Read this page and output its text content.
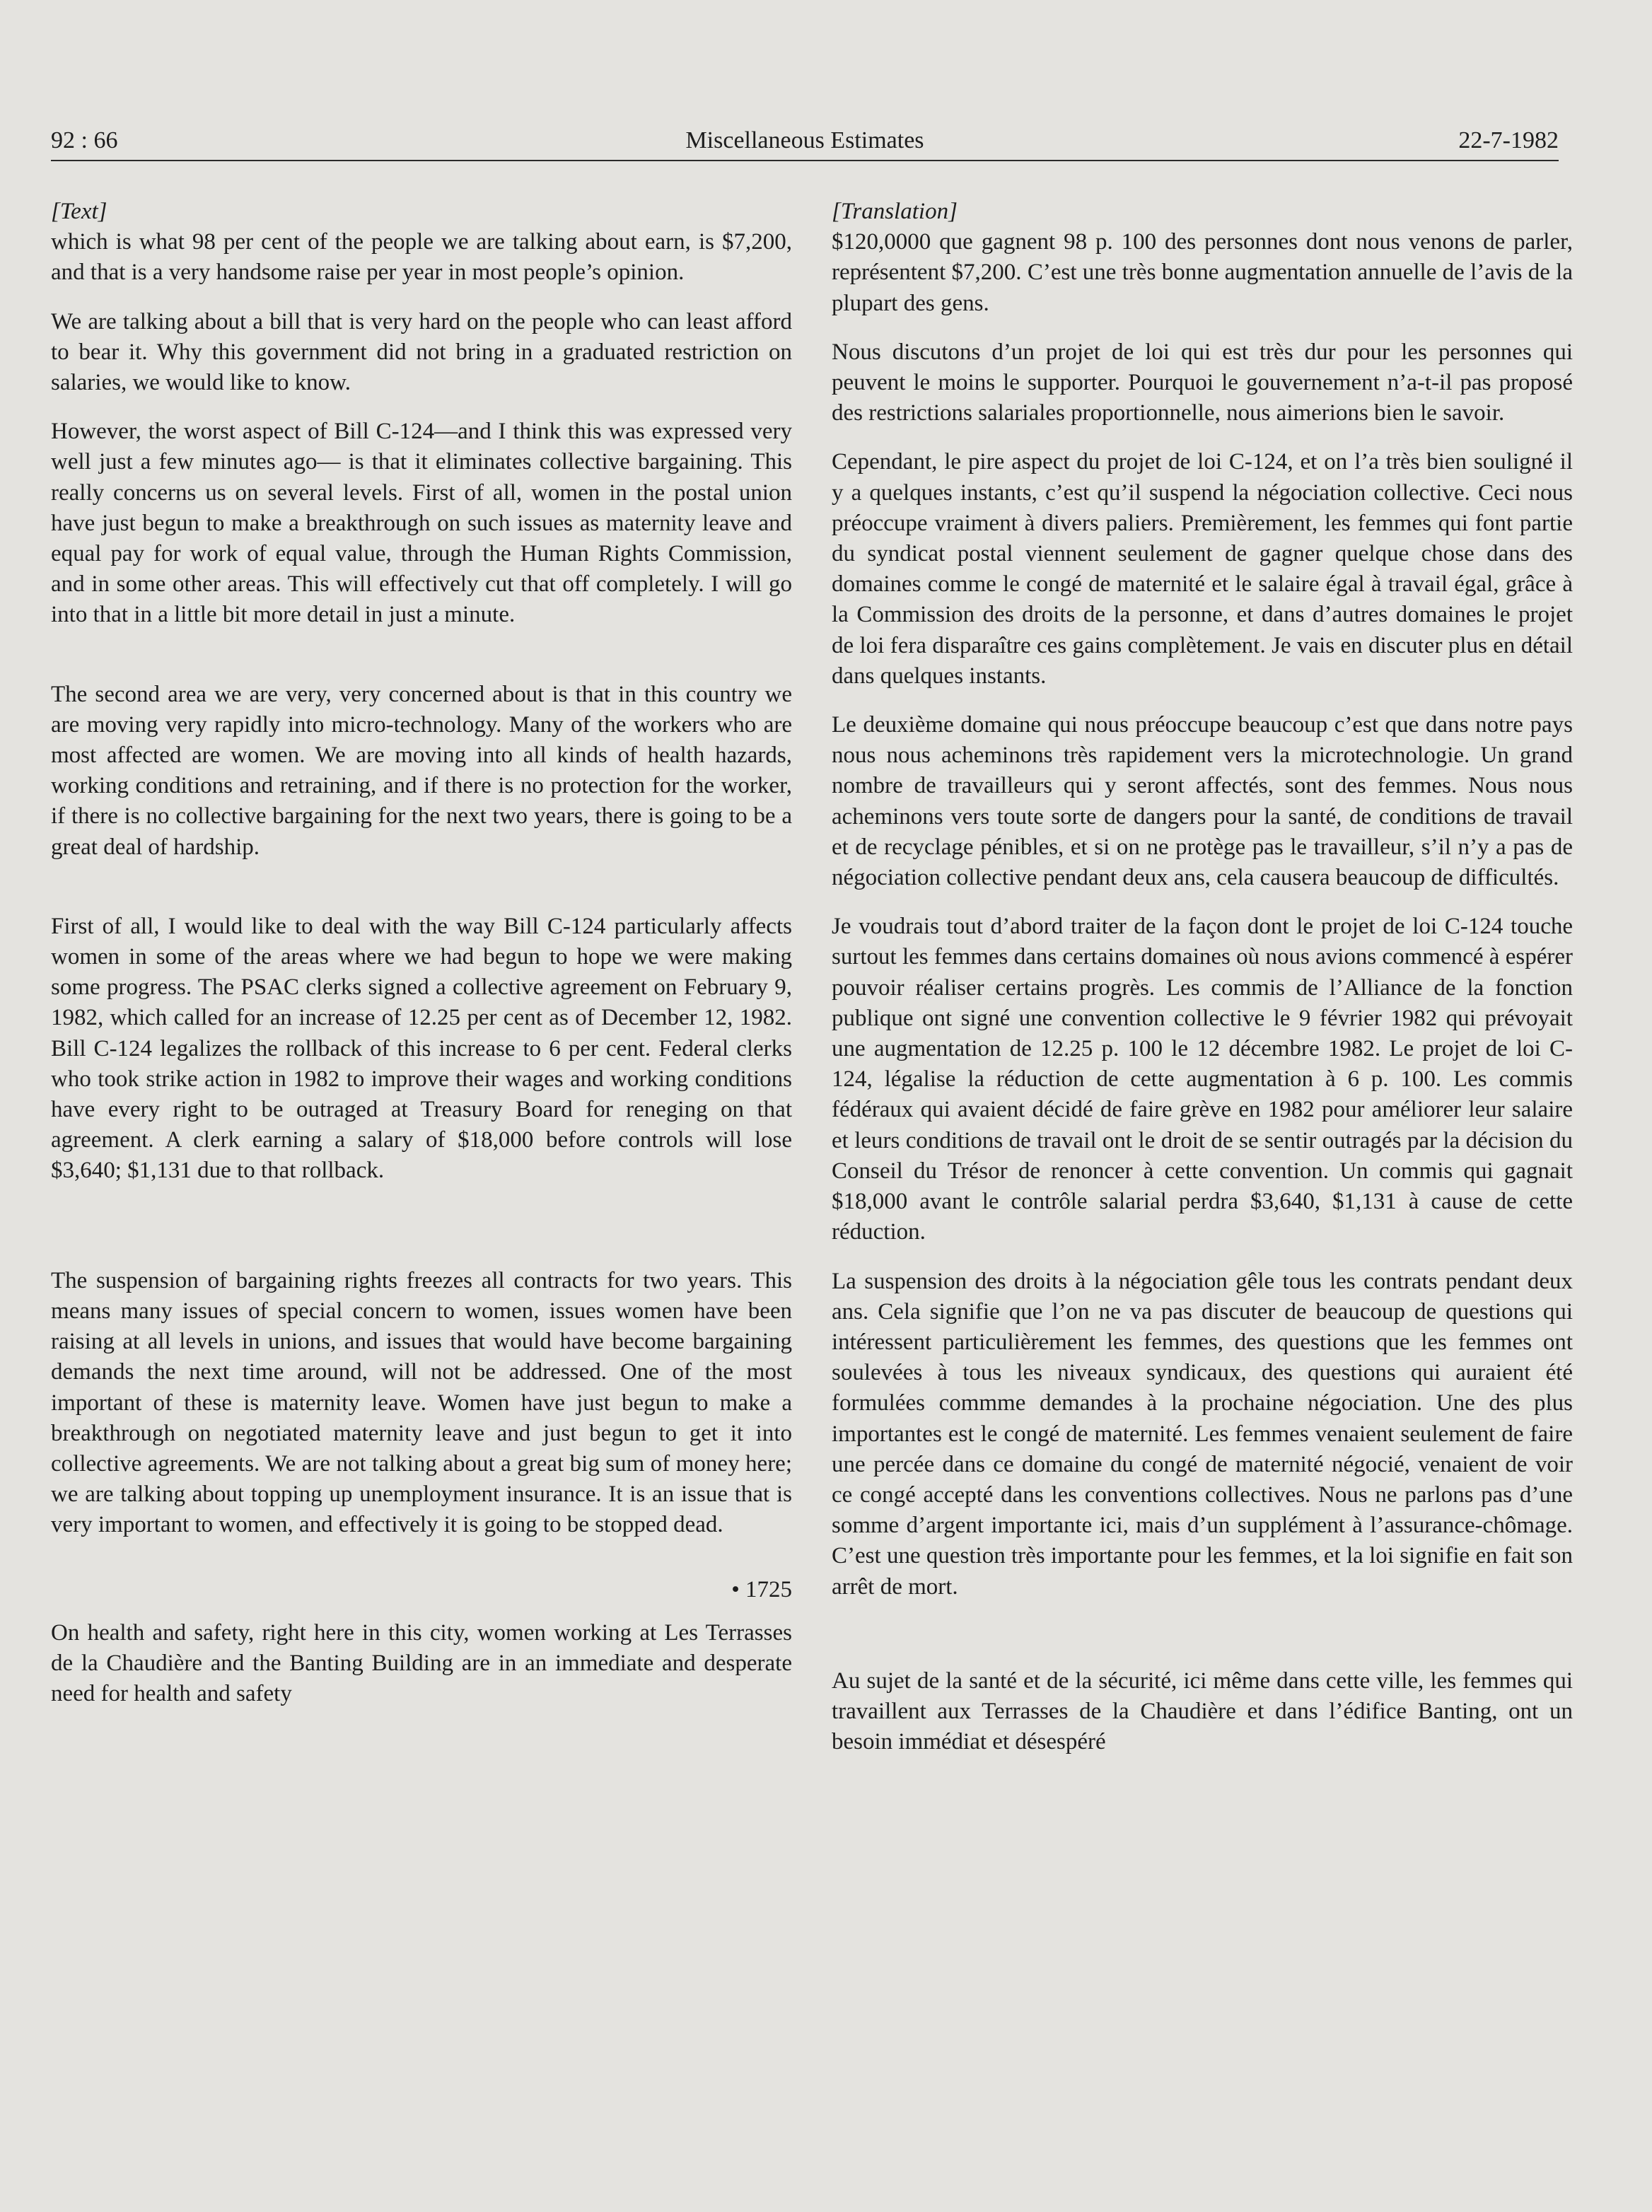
92 : 66	Miscellaneous Estimates	22-7-1982

[Text]

which is what 98 per cent of the people we are talking about earn, is $7,200, and that is a very handsome raise per year in most people’s opinion.

We are talking about a bill that is very hard on the people who can least afford to bear it. Why this government did not bring in a graduated restriction on salaries, we would like to know.

However, the worst aspect of Bill C-124—and I think this was expressed very well just a few minutes ago— is that it eliminates collective bargaining. This really concerns us on several levels. First of all, women in the postal union have just begun to make a breakthrough on such issues as maternity leave and equal pay for work of equal value, through the Human Rights Commission, and in some other areas. This will effectively cut that off completely. I will go into that in a little bit more detail in just a minute.

The second area we are very, very concerned about is that in this country we are moving very rapidly into micro-technology. Many of the workers who are most affected are women. We are moving into all kinds of health hazards, working conditions and retraining, and if there is no protection for the worker, if there is no collective bargaining for the next two years, there is going to be a great deal of hardship.

First of all, I would like to deal with the way Bill C-124 particularly affects women in some of the areas where we had begun to hope we were making some progress. The PSAC clerks signed a collective agreement on February 9, 1982, which called for an increase of 12.25 per cent as of December 12, 1982. Bill C-124 legalizes the rollback of this increase to 6 per cent. Federal clerks who took strike action in 1982 to improve their wages and working conditions have every right to be outraged at Treasury Board for reneging on that agreement. A clerk earning a salary of $18,000 before controls will lose $3,640; $1,131 due to that rollback.

The suspension of bargaining rights freezes all contracts for two years. This means many issues of special concern to women, issues women have been raising at all levels in unions, and issues that would have become bargaining demands the next time around, will not be addressed. One of the most important of these is maternity leave. Women have just begun to make a breakthrough on negotiated maternity leave and just begun to get it into collective agreements. We are not talking about a great big sum of money here; we are talking about topping up unemployment insurance. It is an issue that is very important to women, and effectively it is going to be stopped dead.

• 1725

On health and safety, right here in this city, women working at Les Terrasses de la Chaudière and the Banting Building are in an immediate and desperate need for health and safety

[Translation]

$120,0000 que gagnent 98 p. 100 des personnes dont nous venons de parler, représentent $7,200. C’est une très bonne augmentation annuelle de l’avis de la plupart des gens.

Nous discutons d’un projet de loi qui est très dur pour les personnes qui peuvent le moins le supporter. Pourquoi le gouvernement n’a-t-il pas proposé des restrictions salariales proportionnelle, nous aimerions bien le savoir.

Cependant, le pire aspect du projet de loi C-124, et on l’a très bien souligné il y a quelques instants, c’est qu’il suspend la négociation collective. Ceci nous préoccupe vraiment à divers paliers. Premièrement, les femmes qui font partie du syndicat postal viennent seulement de gagner quelque chose dans des domaines comme le congé de maternité et le salaire égal à travail égal, grâce à la Commission des droits de la personne, et dans d’autres domaines le projet de loi fera disparaître ces gains complètement. Je vais en discuter plus en détail dans quelques instants.

Le deuxième domaine qui nous préoccupe beaucoup c’est que dans notre pays nous nous acheminons très rapidement vers la microtechnologie. Un grand nombre de travailleurs qui y seront affectés, sont des femmes. Nous nous acheminons vers toute sorte de dangers pour la santé, de conditions de travail et de recyclage pénibles, et si on ne protège pas le travailleur, s’il n’y a pas de négociation collective pendant deux ans, cela causera beaucoup de difficultés.

Je voudrais tout d’abord traiter de la façon dont le projet de loi C-124 touche surtout les femmes dans certains domaines où nous avions commencé à espérer pouvoir réaliser certains progrès. Les commis de l’Alliance de la fonction publique ont signé une convention collective le 9 février 1982 qui prévoyait une augmentation de 12.25 p. 100 le 12 décembre 1982. Le projet de loi C-124, légalise la réduction de cette augmentation à 6 p. 100. Les commis fédéraux qui avaient décidé de faire grève en 1982 pour améliorer leur salaire et leurs conditions de travail ont le droit de se sentir outragés par la décision du Conseil du Trésor de renoncer à cette convention. Un commis qui gagnait $18,000 avant le contrôle salarial perdra $3,640, $1,131 à cause de cette réduction.

La suspension des droits à la négociation gêle tous les contrats pendant deux ans. Cela signifie que l’on ne va pas discuter de beaucoup de questions qui intéressent particulièrement les femmes, des questions que les femmes ont soulevées à tous les niveaux syndicaux, des questions qui auraient été formulées commme demandes à la prochaine négociation. Une des plus importantes est le congé de maternité. Les femmes venaient seulement de faire une percée dans ce domaine du congé de maternité négocié, venaient de voir ce congé accepté dans les conventions collectives. Nous ne parlons pas d’une somme d’argent importante ici, mais d’un supplément à l’assurance-chômage. C’est une question très importante pour les femmes, et la loi signifie en fait son arrêt de mort.

Au sujet de la santé et de la sécurité, ici même dans cette ville, les femmes qui travaillent aux Terrasses de la Chaudière et dans l’édifice Banting, ont un besoin immédiat et désespéré
